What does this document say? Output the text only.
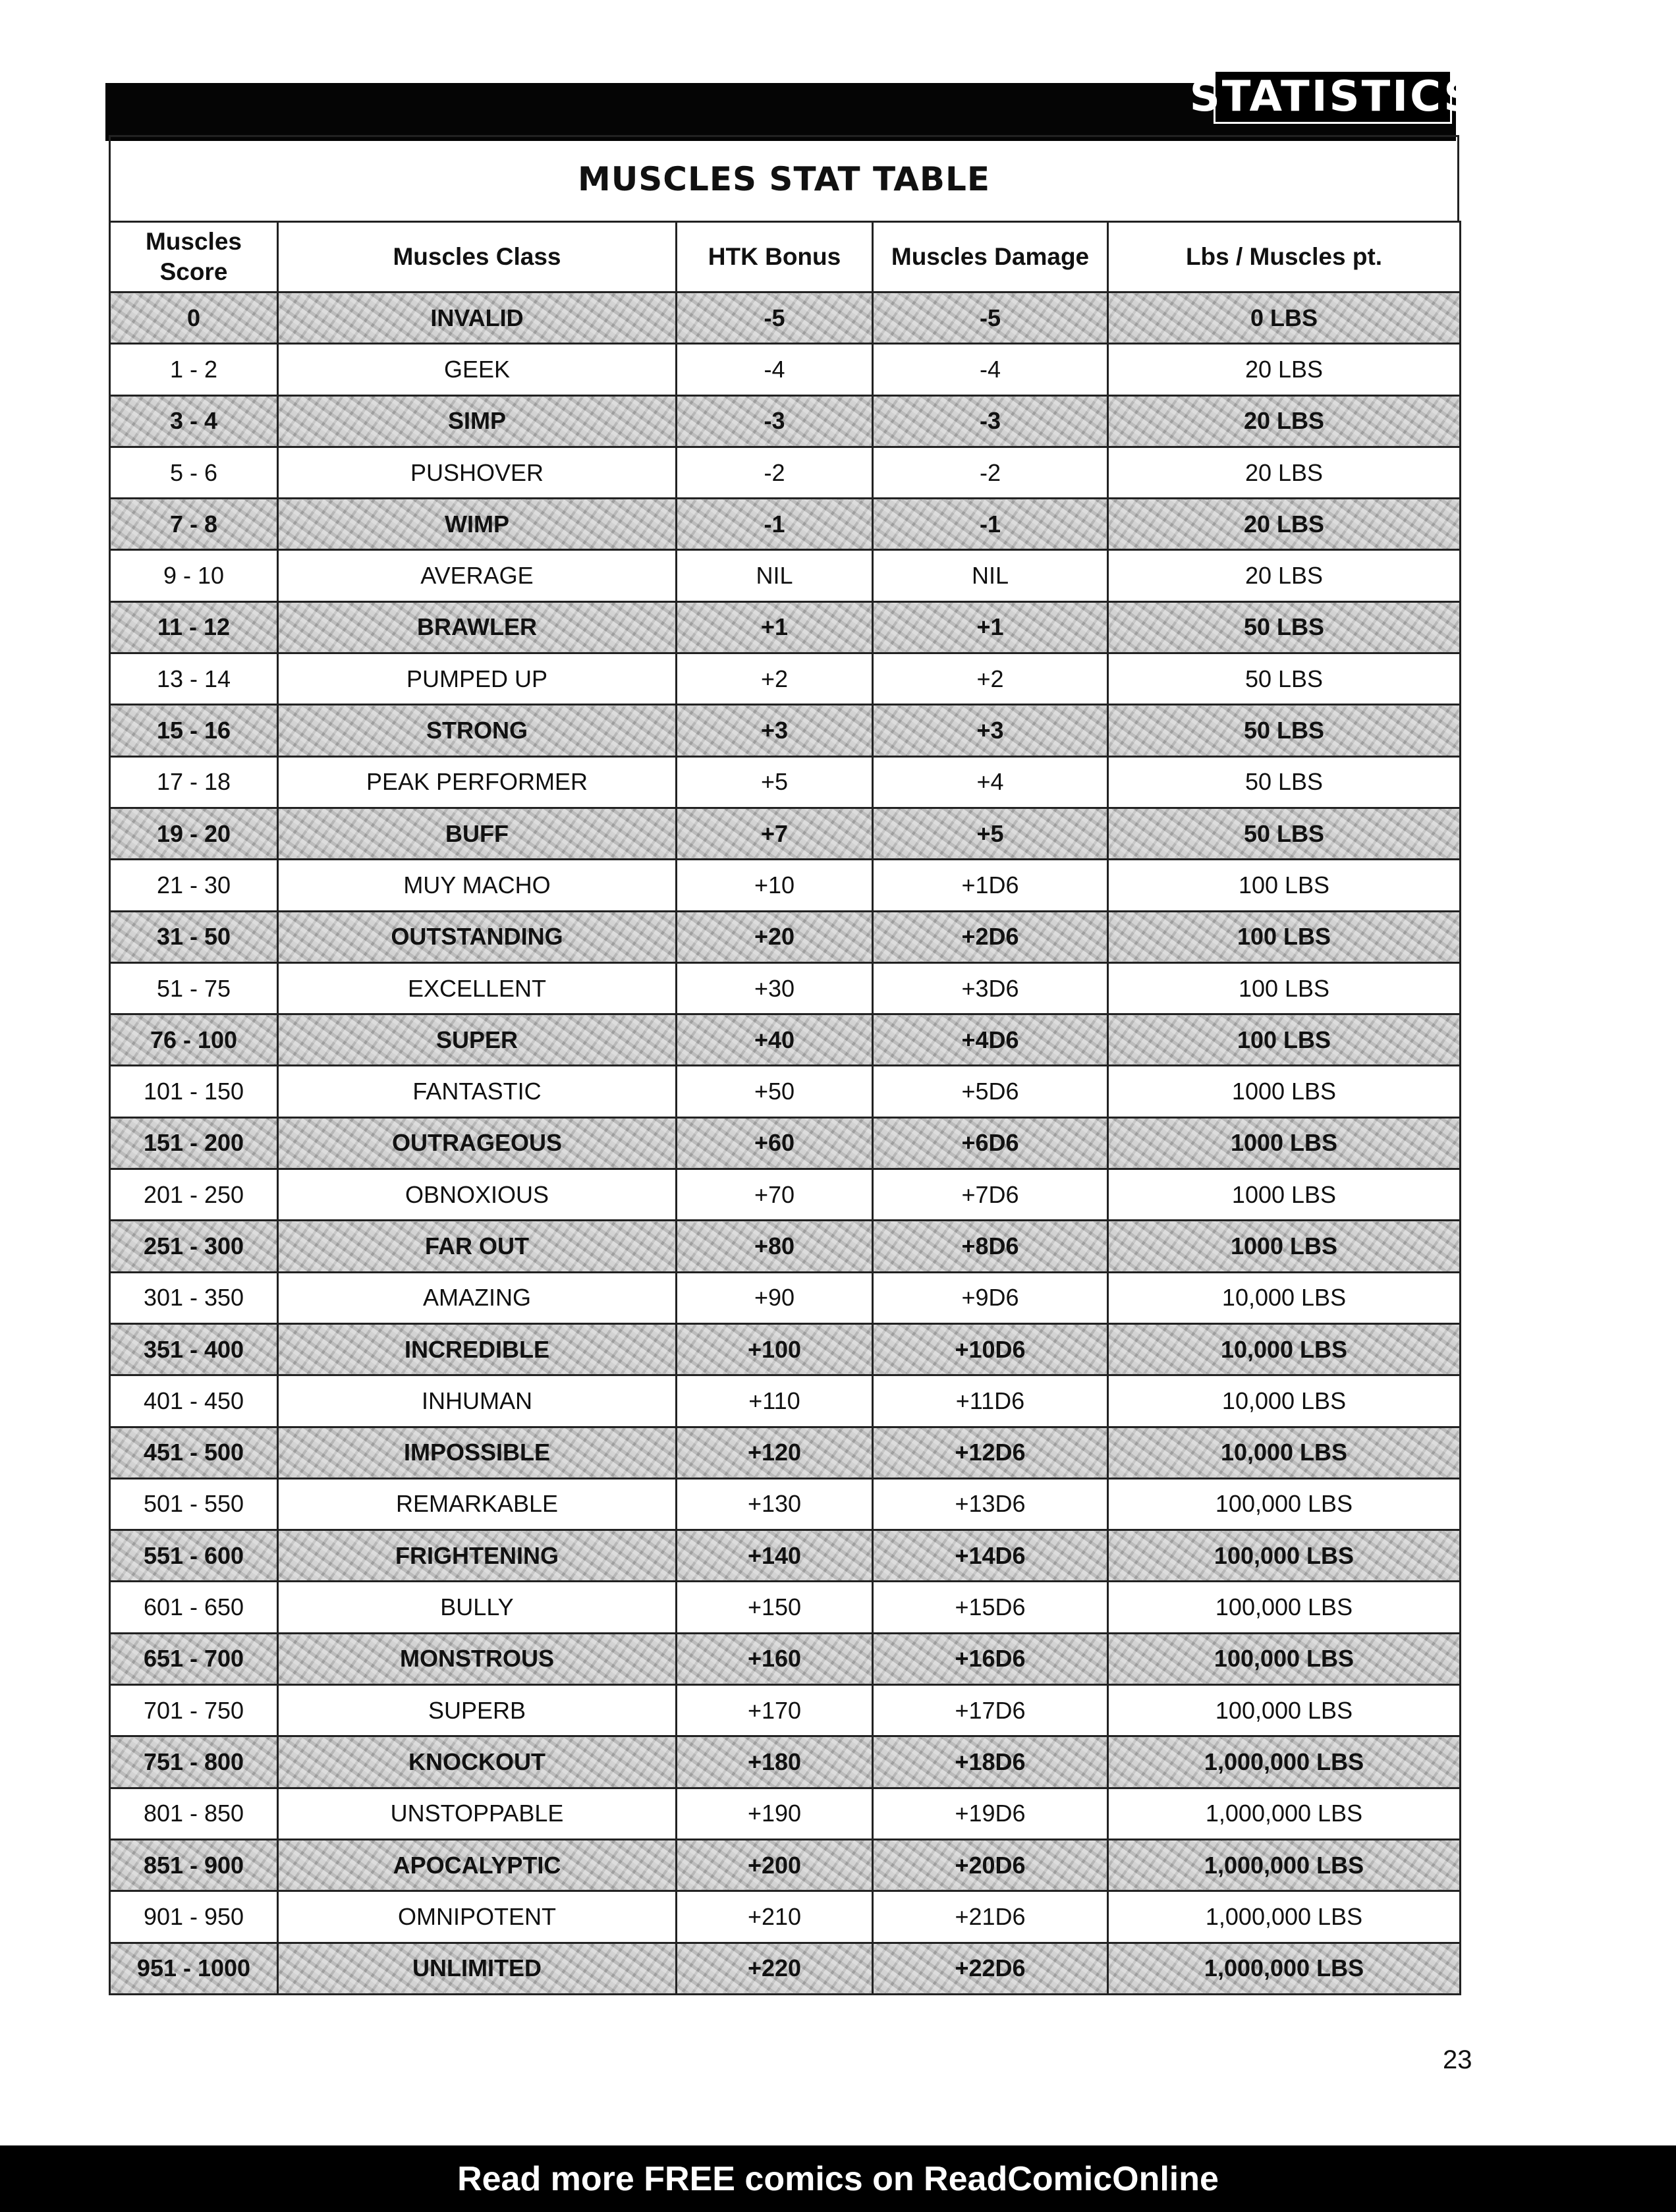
STATISTICS
MUSCLES STAT TABLE
Muscles Score	Muscles Class	HTK Bonus	Muscles Damage	Lbs / Muscles pt.
0	INVALID	-5	-5	0 LBS
1 - 2	GEEK	-4	-4	20 LBS
3 - 4	SIMP	-3	-3	20 LBS
5 - 6	PUSHOVER	-2	-2	20 LBS
7 - 8	WIMP	-1	-1	20 LBS
9 - 10	AVERAGE	NIL	NIL	20 LBS
11 - 12	BRAWLER	+1	+1	50 LBS
13 - 14	PUMPED UP	+2	+2	50 LBS
15 - 16	STRONG	+3	+3	50 LBS
17 - 18	PEAK PERFORMER	+5	+4	50 LBS
19 - 20	BUFF	+7	+5	50 LBS
21 - 30	MUY MACHO	+10	+1D6	100 LBS
31 - 50	OUTSTANDING	+20	+2D6	100 LBS
51 - 75	EXCELLENT	+30	+3D6	100 LBS
76 - 100	SUPER	+40	+4D6	100 LBS
101 - 150	FANTASTIC	+50	+5D6	1000 LBS
151 - 200	OUTRAGEOUS	+60	+6D6	1000 LBS
201 - 250	OBNOXIOUS	+70	+7D6	1000 LBS
251 - 300	FAR OUT	+80	+8D6	1000 LBS
301 - 350	AMAZING	+90	+9D6	10,000 LBS
351 - 400	INCREDIBLE	+100	+10D6	10,000 LBS
401 - 450	INHUMAN	+110	+11D6	10,000 LBS
451 - 500	IMPOSSIBLE	+120	+12D6	10,000 LBS
501 - 550	REMARKABLE	+130	+13D6	100,000 LBS
551 - 600	FRIGHTENING	+140	+14D6	100,000 LBS
601 - 650	BULLY	+150	+15D6	100,000 LBS
651 - 700	MONSTROUS	+160	+16D6	100,000 LBS
701 - 750	SUPERB	+170	+17D6	100,000 LBS
751 - 800	KNOCKOUT	+180	+18D6	1,000,000 LBS
801 - 850	UNSTOPPABLE	+190	+19D6	1,000,000 LBS
851 - 900	APOCALYPTIC	+200	+20D6	1,000,000 LBS
901 - 950	OMNIPOTENT	+210	+21D6	1,000,000 LBS
951 - 1000	UNLIMITED	+220	+22D6	1,000,000 LBS
23
Read more FREE comics on ReadComicOnline
